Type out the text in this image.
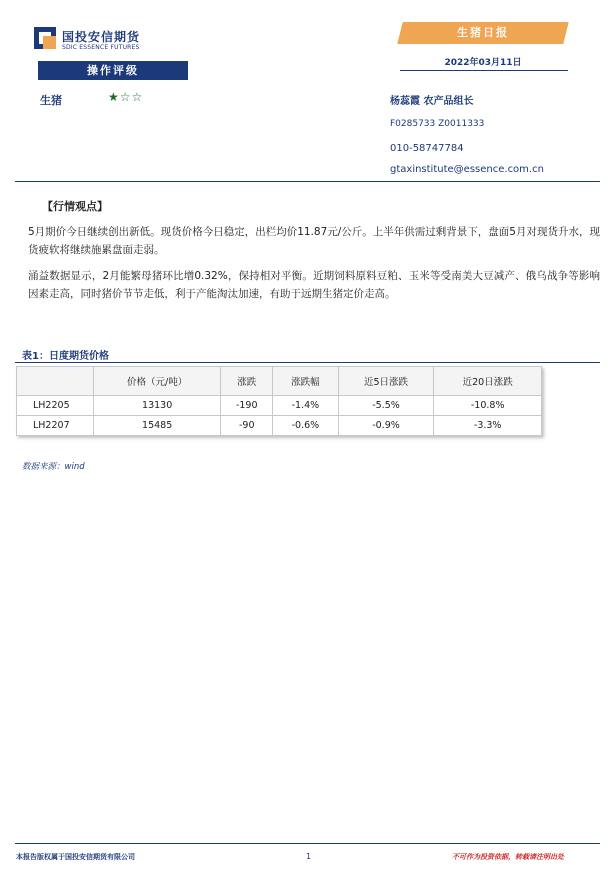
国投安信期货
SDIC ESSENCE FUTURES
生猪日报
2022年03月11日
操作评级
生猪	★☆☆	杨蕊霞 农产品组长
F0285733 Z0011333
010-58747784
gtaxinstitute@essence.com.cn
【行情观点】
5月期价今日继续创出新低。现货价格今日稳定，出栏均价11.87元/公斤。上半年供需过剩背景下，盘面5月对现货升水，现货疲软将继续施累盘面走弱。
涌益数据显示，2月能繁母猪环比增0.32%，保持相对平衡。近期饲料原料豆粕、玉米等受南美大豆减产、俄乌战争等影响因素走高，同时猪价节节走低，利于产能淘汰加速，有助于远期生猪定价走高。
表1：日度期货价格
	价格（元/吨）	涨跌	涨跌幅	近5日涨跌	近20日涨跌
LH2205	13130	-190	-1.4%	-5.5%	-10.8%
LH2207	15485	-90	-0.6%	-0.9%	-3.3%
数据来源：wind
本报告版权属于国投安信期货有限公司	1	不可作为投资依据，转载请注明出处
